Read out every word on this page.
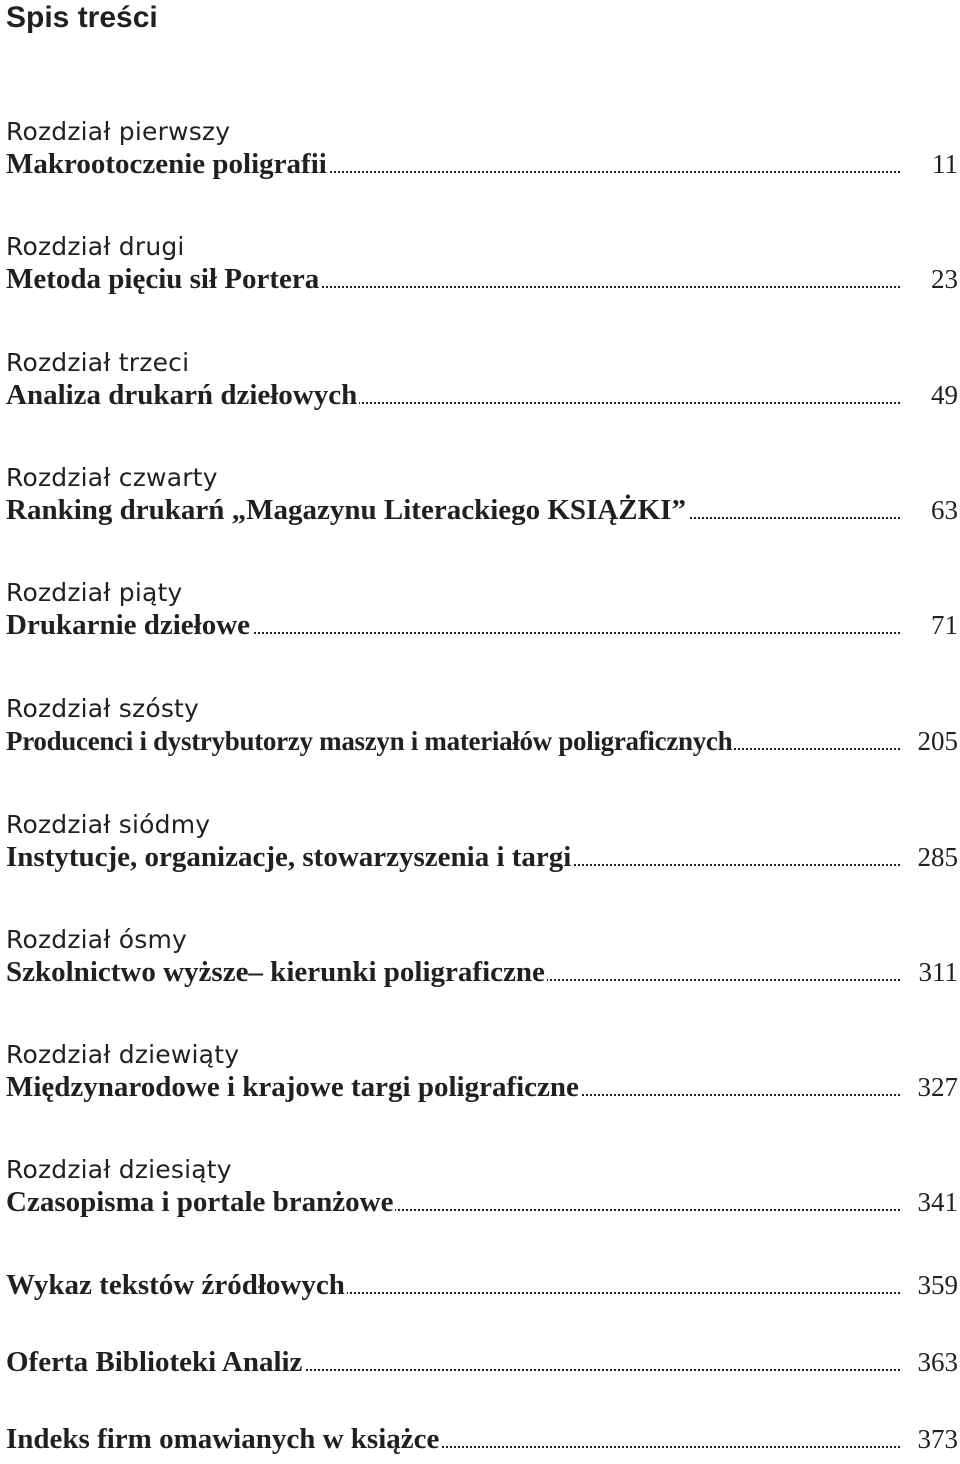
Spis treści
Rozdział pierwszy
Makrootoczenie poligrafii	11
Rozdział drugi
Metoda pięciu sił Portera	23
Rozdział trzeci
Analiza drukarń dziełowych	49
Rozdział czwarty
Ranking drukarń „Magazynu Literackiego KSIĄŻKI”	63
Rozdział piąty
Drukarnie dziełowe	71
Rozdział szósty
Producenci i dystrybutorzy maszyn i materiałów poligraficznych	205
Rozdział siódmy
Instytucje, organizacje, stowarzyszenia i targi	285
Rozdział ósmy
Szkolnictwo wyższe– kierunki poligraficzne	311
Rozdział dziewiąty
Międzynarodowe i krajowe targi poligraficzne	327
Rozdział dziesiąty
Czasopisma i portale branżowe	341
Wykaz tekstów źródłowych	359
Oferta Biblioteki Analiz	363
Indeks firm omawianych w książce	373
